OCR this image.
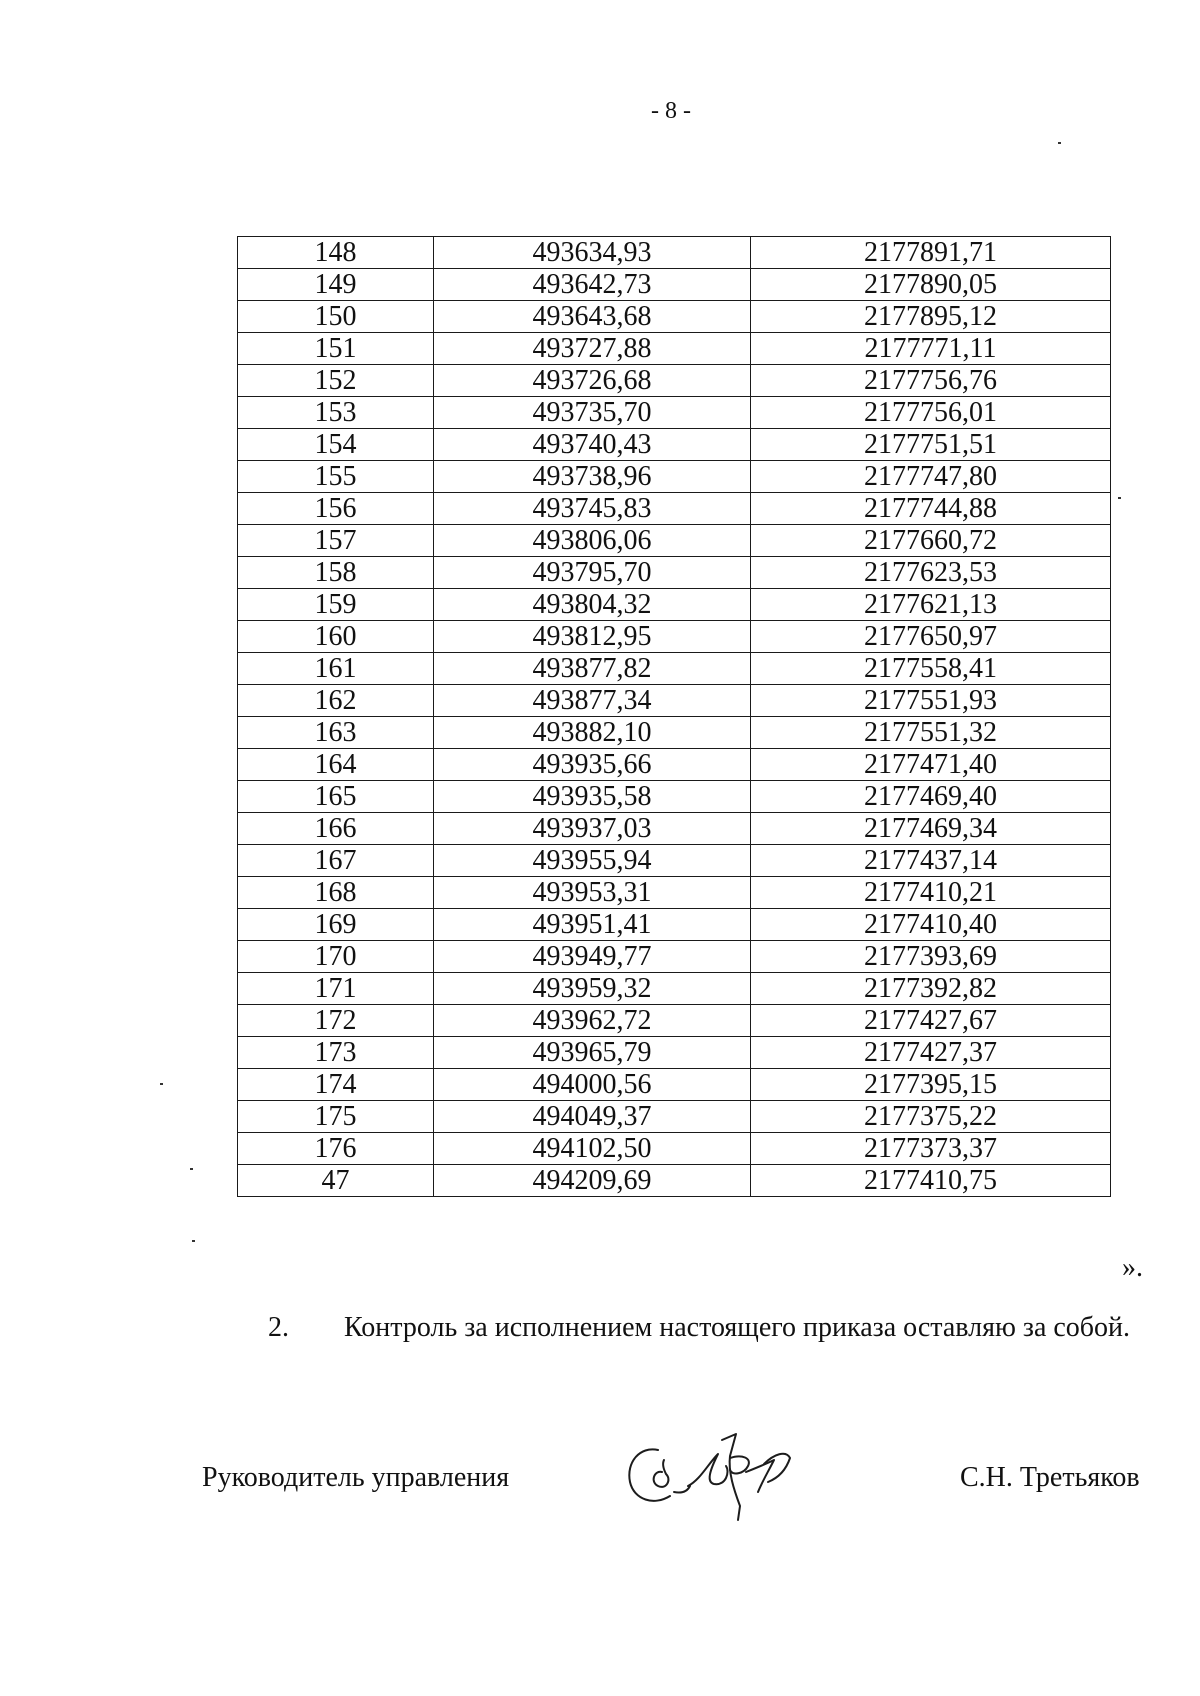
- 8 -
148	493634,93	2177891,71
149	493642,73	2177890,05
150	493643,68	2177895,12
151	493727,88	2177771,11
152	493726,68	2177756,76
153	493735,70	2177756,01
154	493740,43	2177751,51
155	493738,96	2177747,80
156	493745,83	2177744,88
157	493806,06	2177660,72
158	493795,70	2177623,53
159	493804,32	2177621,13
160	493812,95	2177650,97
161	493877,82	2177558,41
162	493877,34	2177551,93
163	493882,10	2177551,32
164	493935,66	2177471,40
165	493935,58	2177469,40
166	493937,03	2177469,34
167	493955,94	2177437,14
168	493953,31	2177410,21
169	493951,41	2177410,40
170	493949,77	2177393,69
171	493959,32	2177392,82
172	493962,72	2177427,67
173	493965,79	2177427,37
174	494000,56	2177395,15
175	494049,37	2177375,22
176	494102,50	2177373,37
47	494209,69	2177410,75
».
2. Контроль за исполнением настоящего приказа оставляю за собой.
Руководитель управления	С.Н. Третьяков
